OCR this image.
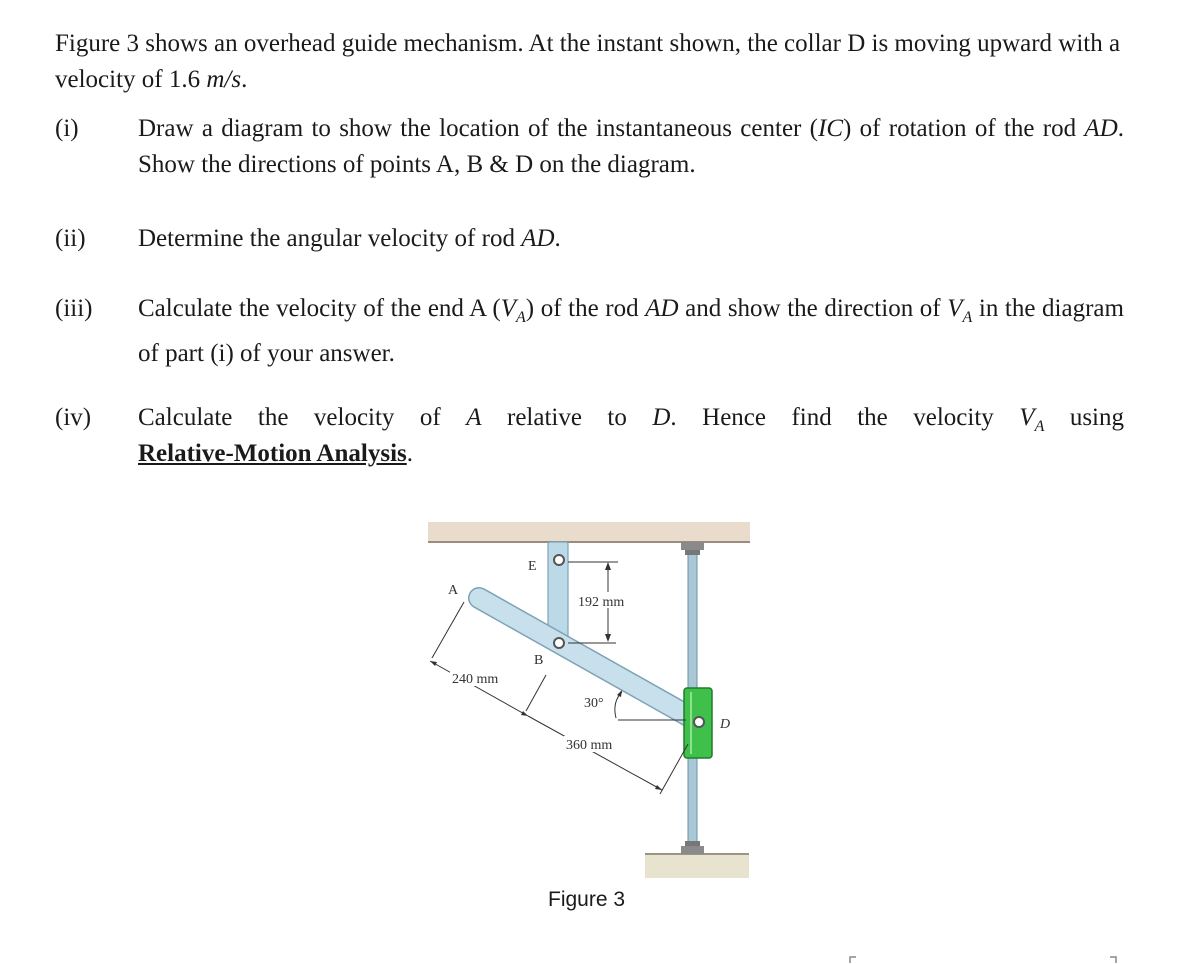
Figure 3 shows an overhead guide mechanism. At the instant shown, the collar D is moving upward with a velocity of 1.6 m/s.
(i) Draw a diagram to show the location of the instantaneous center (IC) of rotation of the rod AD. Show the directions of points A, B & D on the diagram.
(ii) Determine the angular velocity of rod AD.
(iii) Calculate the velocity of the end A $(V_A)$ of the rod AD and show the direction of $V_A$ in the diagram of part (i) of your answer.
(iv) Calculate the velocity of A relative to D. Hence find the velocity $V_A$ using
Relative-Motion Analysis.
A
E
B
D
192 mm
240 mm
360 mm
30°
Figure 3
